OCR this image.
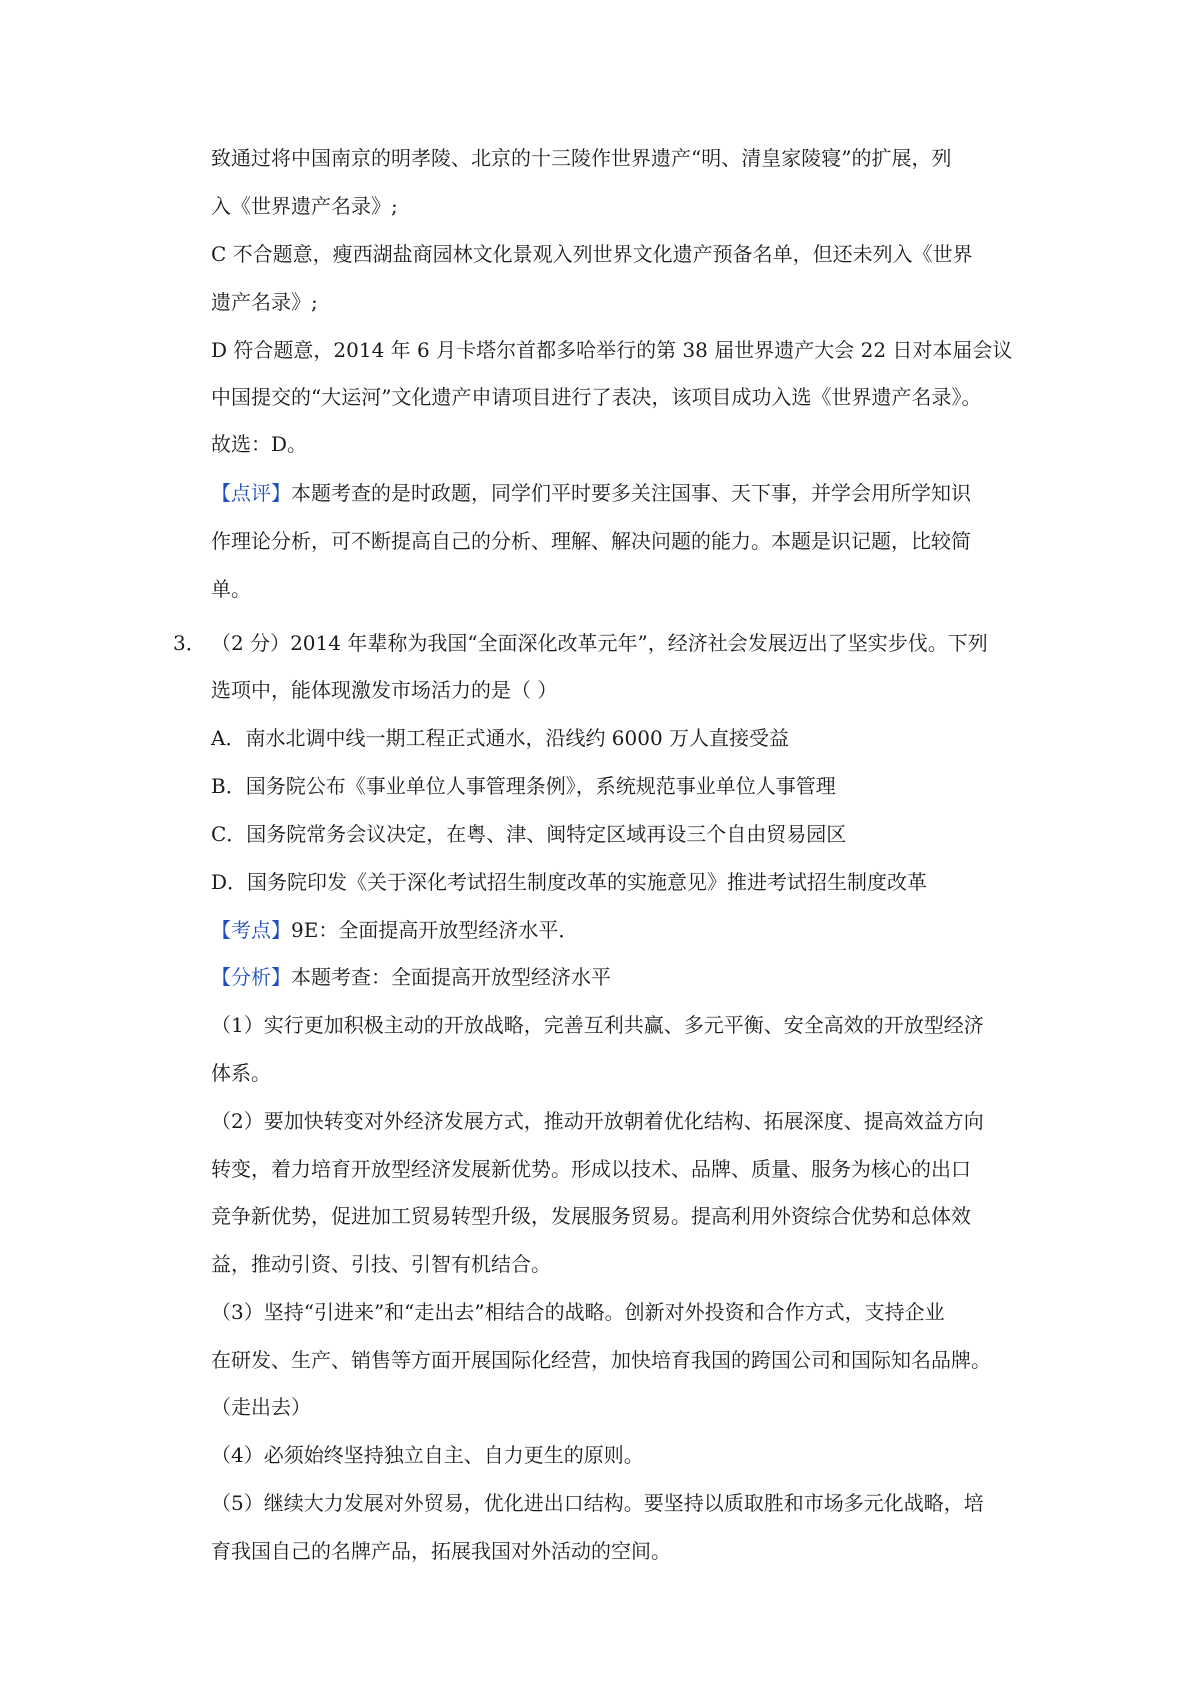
致通过将中国南京的明孝陵、北京的十三陵作世界遗产“明、清皇家陵寝”的扩展，列
入《世界遗产名录》;
C 不合题意，瘦西湖盐商园林文化景观入列世界文化遗产预备名单，但还未列入《世界
遗产名录》;
D 符合题意，2014 年 6 月卡塔尔首都多哈举行的第 38 届世界遗产大会 22 日对本届会议
中国提交的“大运河”文化遗产申请项目进行了表决，该项目成功入选《世界遗产名录》。
故选：D。
【点评】本题考查的是时政题，同学们平时要多关注国事、天下事，并学会用所学知识
作理论分析，可不断提高自己的分析、理解、解决问题的能力。本题是识记题，比较简
单。
3． （2 分）2014 年辈称为我国“全面深化改革元年”，经济社会发展迈出了坚实步伐。下列
选项中，能体现激发市场活力的是（ ）
A．南水北调中线一期工程正式通水，沿线约 6000 万人直接受益
B．国务院公布《事业单位人事管理条例》，系统规范事业单位人事管理
C．国务院常务会议决定，在粤、津、闽特定区域再设三个自由贸易园区
D．国务院印发《关于深化考试招生制度改革的实施意见》推进考试招生制度改革
【考点】9E：全面提高开放型经济水平．
【分析】本题考查：全面提高开放型经济水平
（1）实行更加积极主动的开放战略，完善互利共赢、多元平衡、安全高效的开放型经济
体系。
（2）要加快转变对外经济发展方式，推动开放朝着优化结构、拓展深度、提高效益方向
转变，着力培育开放型经济发展新优势。形成以技术、品牌、质量、服务为核心的出口
竞争新优势，促进加工贸易转型升级，发展服务贸易。提高利用外资综合优势和总体效
益，推动引资、引技、引智有机结合。
（3）坚持“引进来”和“走出去”相结合的战略。创新对外投资和合作方式，支持企业
在研发、生产、销售等方面开展国际化经营，加快培育我国的跨国公司和国际知名品牌。
（走出去）
（4）必须始终坚持独立自主、自力更生的原则。
（5）继续大力发展对外贸易，优化进出口结构。要坚持以质取胜和市场多元化战略，培
育我国自己的名牌产品，拓展我国对外活动的空间。
